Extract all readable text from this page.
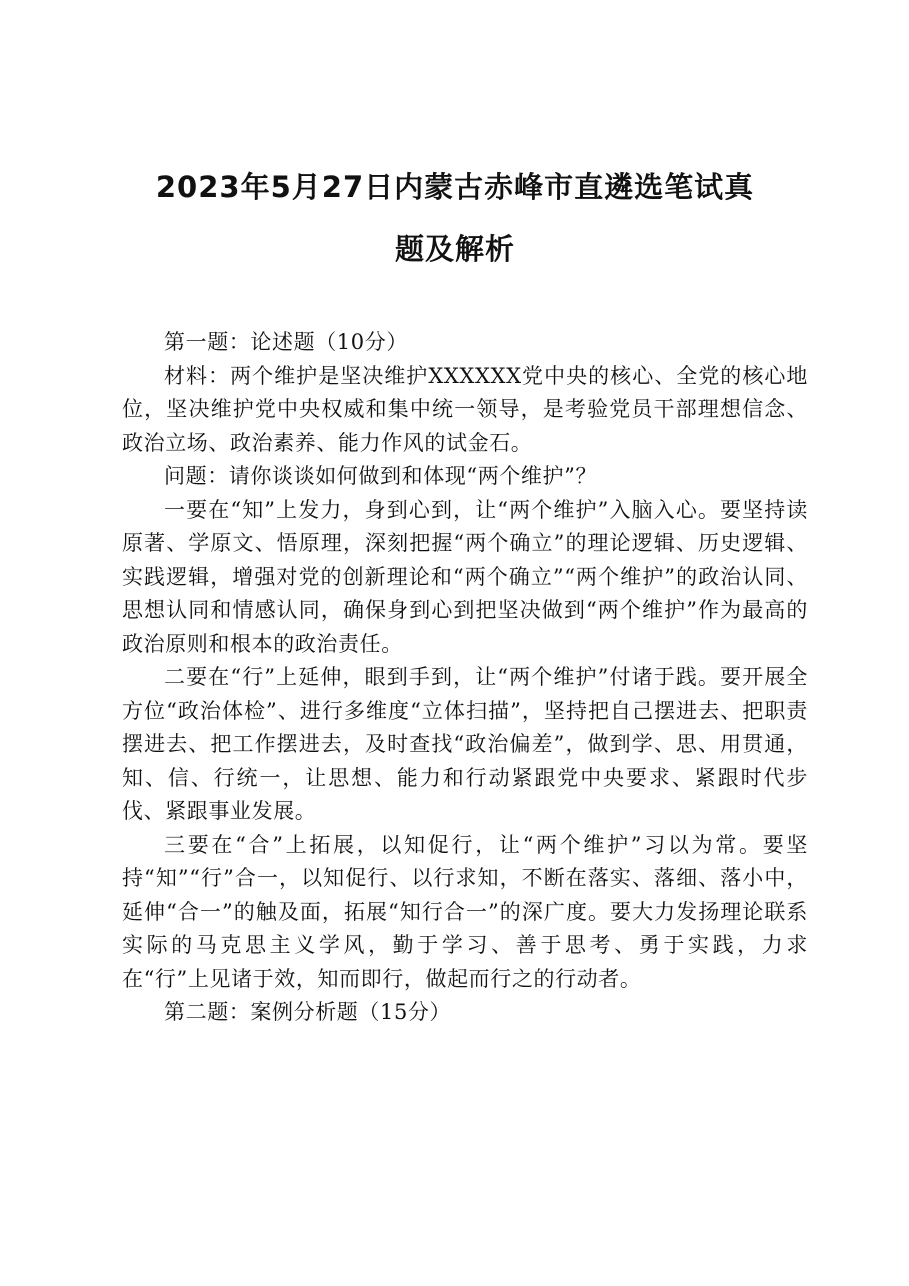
2023年5月27日内蒙古赤峰市直遴选笔试真
题及解析

第一题：论述题（10分）

材料：两个维护是坚决维护XXXXXX党中央的核心、全党的核心地位，坚决维护党中央权威和集中统一领导，是考验党员干部理想信念、政治立场、政治素养、能力作风的试金石。

问题：请你谈谈如何做到和体现“两个维护”？

一要在“知”上发力，身到心到，让“两个维护”入脑入心。要坚持读原著、学原文、悟原理，深刻把握“两个确立”的理论逻辑、历史逻辑、实践逻辑，增强对党的创新理论和“两个确立”“两个维护”的政治认同、思想认同和情感认同，确保身到心到把坚决做到“两个维护”作为最高的政治原则和根本的政治责任。

二要在“行”上延伸，眼到手到，让“两个维护”付诸于践。要开展全方位“政治体检”、进行多维度“立体扫描”，坚持把自己摆进去、把职责摆进去、把工作摆进去，及时查找“政治偏差”，做到学、思、用贯通，知、信、行统一，让思想、能力和行动紧跟党中央要求、紧跟时代步伐、紧跟事业发展。

三要在“合”上拓展，以知促行，让“两个维护”习以为常。要坚持“知”“行”合一，以知促行、以行求知，不断在落实、落细、落小中，延伸“合一”的触及面，拓展“知行合一”的深广度。要大力发扬理论联系实际的马克思主义学风，勤于学习、善于思考、勇于实践，力求在“行”上见诸于效，知而即行，做起而行之的行动者。

第二题：案例分析题（15分）
